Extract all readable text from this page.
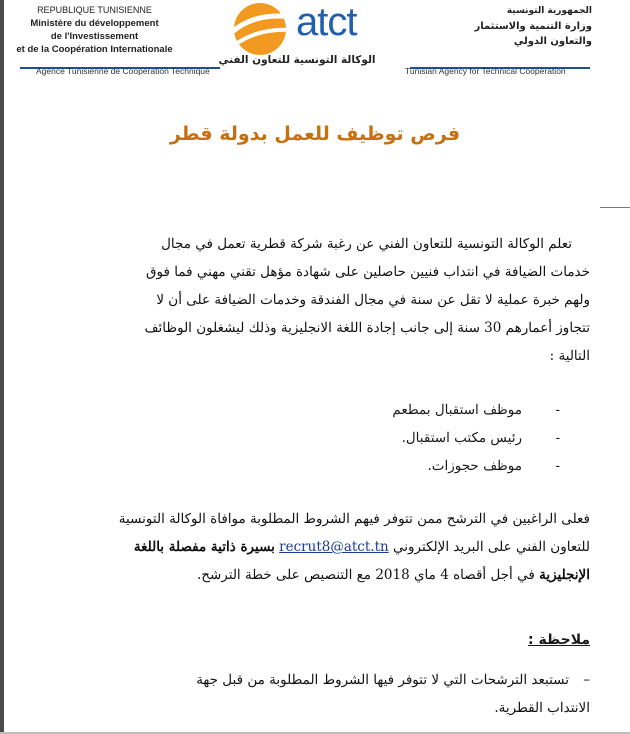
REPUBLIQUE TUNISIENNE
Ministère du développement
de l'Investissement
et de la Coopération Internationale
atct
الوكالة التونسية للتعاون الفني
الجمهورية التونسية
وزارة التنمية والاستثمار
والتعاون الدولي
Agence Tunisienne de Coopération Technique	Tunisian Agency for Technical Cooperation
فرص توظيف للعمل بدولة قطر
تعلم الوكالة التونسية للتعاون الفني عن رغبة شركة قطرية تعمل في مجال
خدمات الضيافة في انتداب فنيين حاصلين على شهادة مؤهل تقني مهني فما فوق
ولهم خبرة عملية لا تقل عن سنة في مجال الفندقة وخدمات الضيافة على أن لا
تتجاوز أعمارهم 30 سنة إلى جانب إجادة اللغة الانجليزية وذلك ليشغلون الوظائف
التالية :
-موظف استقبال بمطعم
-رئيس مكتب استقبال.
-موظف حجوزات.
فعلى الراغبين في الترشح ممن تتوفر فيهم الشروط المطلوبة موافاة الوكالة التونسية
للتعاون الفني على البريد الإلكتروني recrut8@atct.tn بسيرة ذاتية مفصلة باللغة
الإنجليزية في أجل أقصاه 4 ماي 2018 مع التنصيص على خطة الترشح.
ملاحظة :
– تستبعد الترشحات التي لا تتوفر فيها الشروط المطلوبة من قبل جهة
الانتداب القطرية.
